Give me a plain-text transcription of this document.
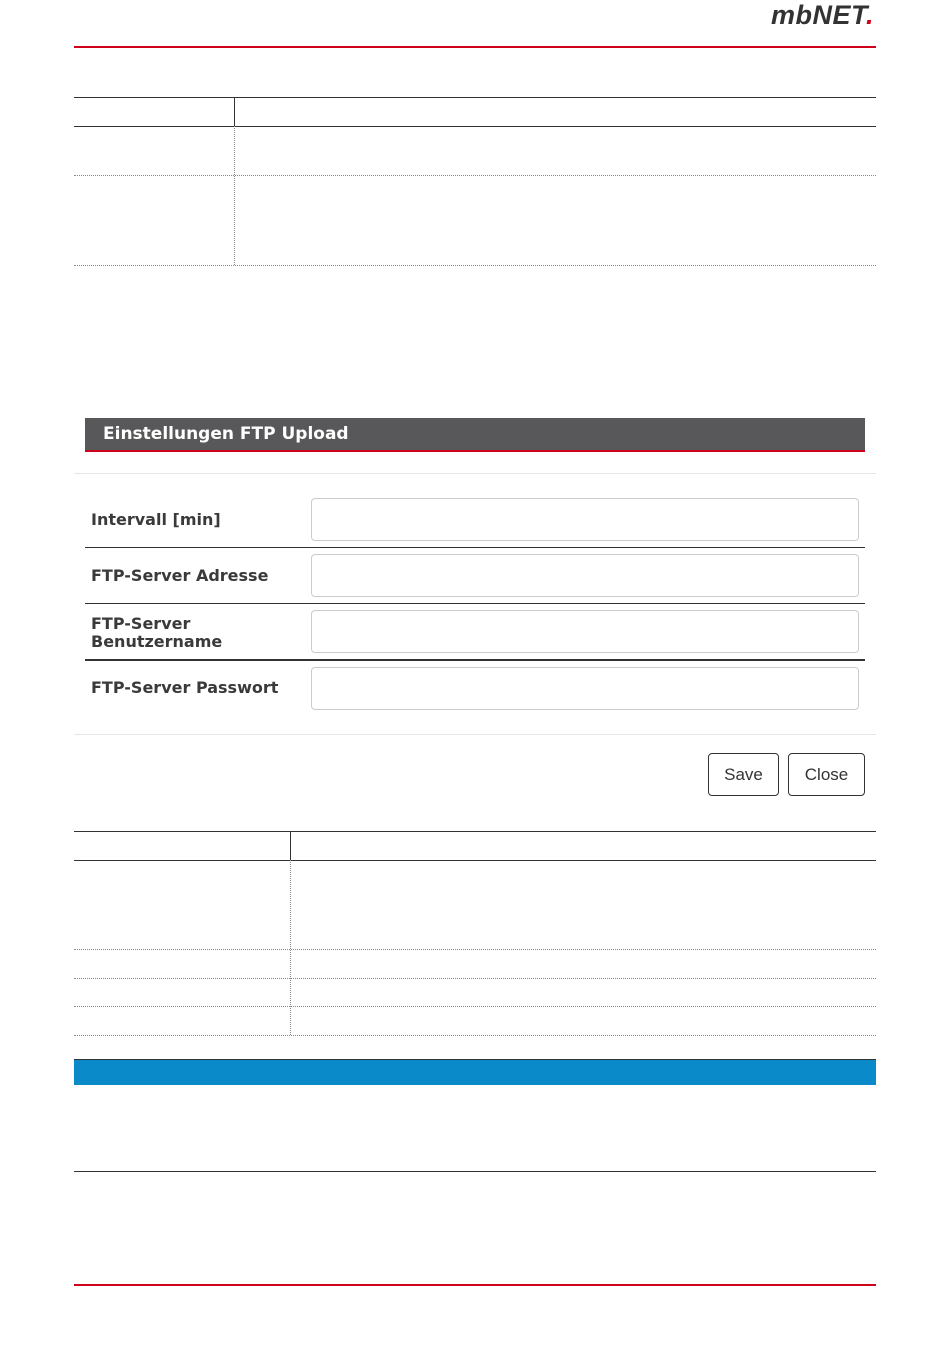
mbNET.
Einstellungen FTP Upload
Intervall [min]
FTP-Server Adresse
FTP-Server Benutzername
FTP-Server Passwort
Save	Close
